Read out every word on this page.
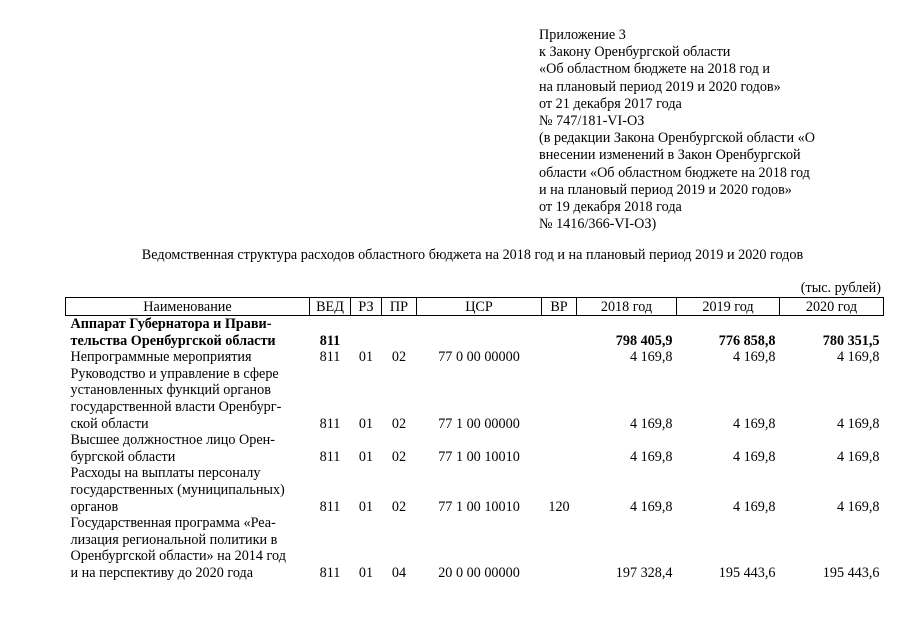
Приложение 3
к Закону Оренбургской области
«Об областном бюджете на 2018 год и
на плановый период 2019 и 2020 годов»
от 21 декабря 2017 года
№ 747/181-VI-ОЗ
(в редакции Закона Оренбургской области «О
внесении изменений в Закон Оренбургской
области «Об областном бюджете на 2018 год
и на плановый период 2019 и 2020 годов»
от 19 декабря 2018 года
№ 1416/366-VI-ОЗ)
Ведомственная структура расходов областного бюджета на 2018 год и на плановый период 2019 и 2020 годов
(тыс. рублей)
Наименование	ВЕД	РЗ	ПР	ЦСР	ВР	2018 год	2019 год	2020 год

Аппарат Губернатора и Прави-
тельства Оренбургской области	811					798 405,9	776 858,8	780 351,5

Непрограммные мероприятия	811	01	02	77 0 00 00000		4 169,8	4 169,8	4 169,8

Руководство и управление в сфере
установленных функций органов
государственной власти Оренбург-
ской области	811	01	02	77 1 00 00000		4 169,8	4 169,8	4 169,8

Высшее должностное лицо Орен-
бургской области	811	01	02	77 1 00 10010		4 169,8	4 169,8	4 169,8

Расходы на выплаты персоналу
государственных (муниципальных)
органов	811	01	02	77 1 00 10010	120	4 169,8	4 169,8	4 169,8

Государственная программа «Реа-
лизация региональной политики в
Оренбургской области» на 2014 год
и на перспективу до 2020 года	811	01	04	20 0 00 00000		197 328,4	195 443,6	195 443,6
